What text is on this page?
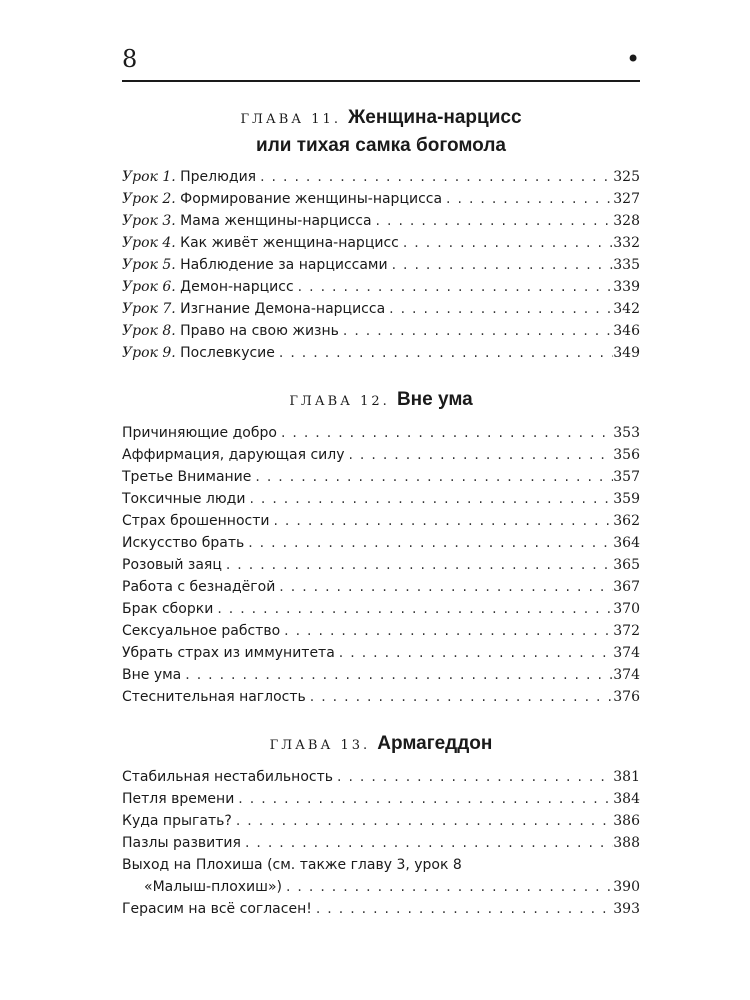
8	•
ГЛАВА 11. Женщина-нарцисс
или тихая самка богомола
Урок 1. Прелюдия .....	325
Урок 2. Формирование женщины-нарцисса .....	327
Урок 3. Мама женщины-нарцисса .....	328
Урок 4. Как живёт женщина-нарцисс .....	332
Урок 5. Наблюдение за нарциссами .....	335
Урок 6. Демон-нарцисс .....	339
Урок 7. Изгнание Демона-нарцисса .....	342
Урок 8. Право на свою жизнь .....	346
Урок 9. Послевкусие .....	349
ГЛАВА 12. Вне ума
Причиняющие добро .....	353
Аффирмация, дарующая силу .....	356
Третье Внимание .....	357
Токсичные люди .....	359
Страх брошенности .....	362
Искусство брать .....	364
Розовый заяц .....	365
Работа с безнадёгой .....	367
Брак сборки .....	370
Сексуальное рабство .....	372
Убрать страх из иммунитета .....	374
Вне ума .....	374
Стеснительная наглость .....	376
ГЛАВА 13. Армагеддон
Стабильная нестабильность .....	381
Петля времени .....	384
Куда прыгать? .....	386
Пазлы развития .....	388
Выход на Плохиша (см. также главу 3, урок 8
«Малыш-плохиш») .....	390
Герасим на всё согласен! .....	393
